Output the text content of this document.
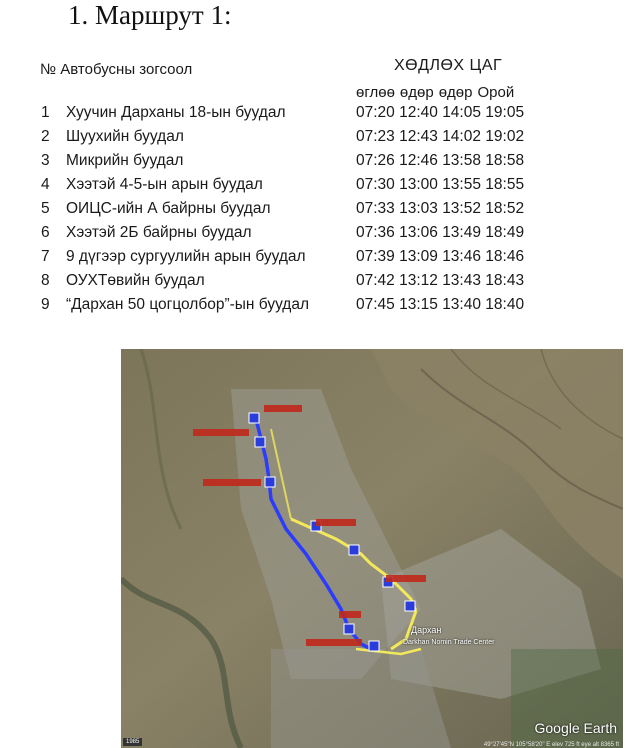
1. Маршрут 1:
№ Автобусны зогсоол	ХӨДЛӨХ ЦАГ
өглөө өдөр өдөр Орой
1 Хуучин Дарханы 18-ын буудал	07:20 12:40 14:05 19:05
2 Шуухийн буудал	07:23 12:43 14:02 19:02
3 Микрийн буудал	07:26 12:46 13:58 18:58
4 Хээтэй 4-5-ын арын буудал	07:30 13:00 13:55 18:55
5 ОИЦС-ийн А байрны буудал	07:33 13:03 13:52 18:52
6 Хээтэй 2Б байрны буудал	07:36 13:06 13:49 18:49
7 9 дүгээр сургуулийн арын буудал	07:39 13:09 13:46 18:46
8 ОУХТөвийн буудал	07:42 13:12 13:43 18:43
9 “Дархан 50 цогцолбор”-ын буудал	07:45 13:15 13:40 18:40
Дархан
Darkhan Nomin Trade Center
Google Earth
49°27'45"N 105°58'20" E elev 725 ft eye alt 8365 ft
1985
